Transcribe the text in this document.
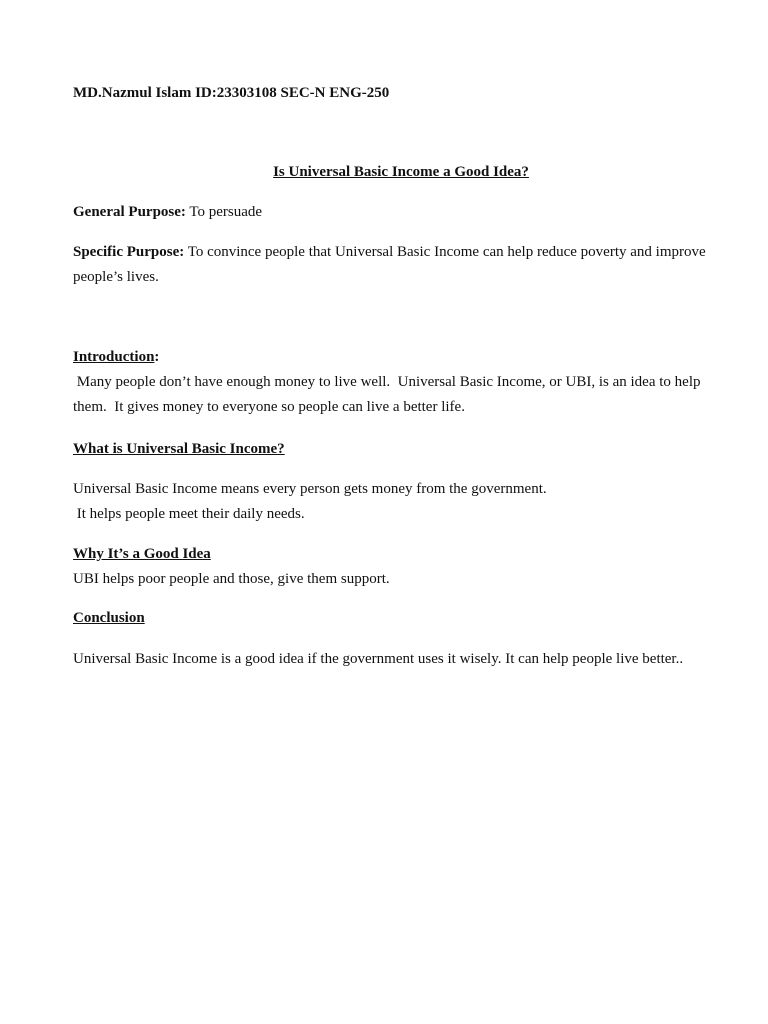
MD.Nazmul Islam ID:23303108 SEC-N ENG-250
Is Universal Basic Income a Good Idea?
General Purpose: To persuade
Specific Purpose: To convince people that Universal Basic Income can help reduce poverty and improve
people’s lives.
Introduction:
Many people don’t have enough money to live well.  Universal Basic Income, or UBI, is an idea to help
them.  It gives money to everyone so people can live a better life.
What is Universal Basic Income?
Universal Basic Income means every person gets money from the government.
It helps people meet their daily needs.
Why It’s a Good Idea
UBI helps poor people and those, give them support.
Conclusion
Universal Basic Income is a good idea if the government uses it wisely. It can help people live better..
